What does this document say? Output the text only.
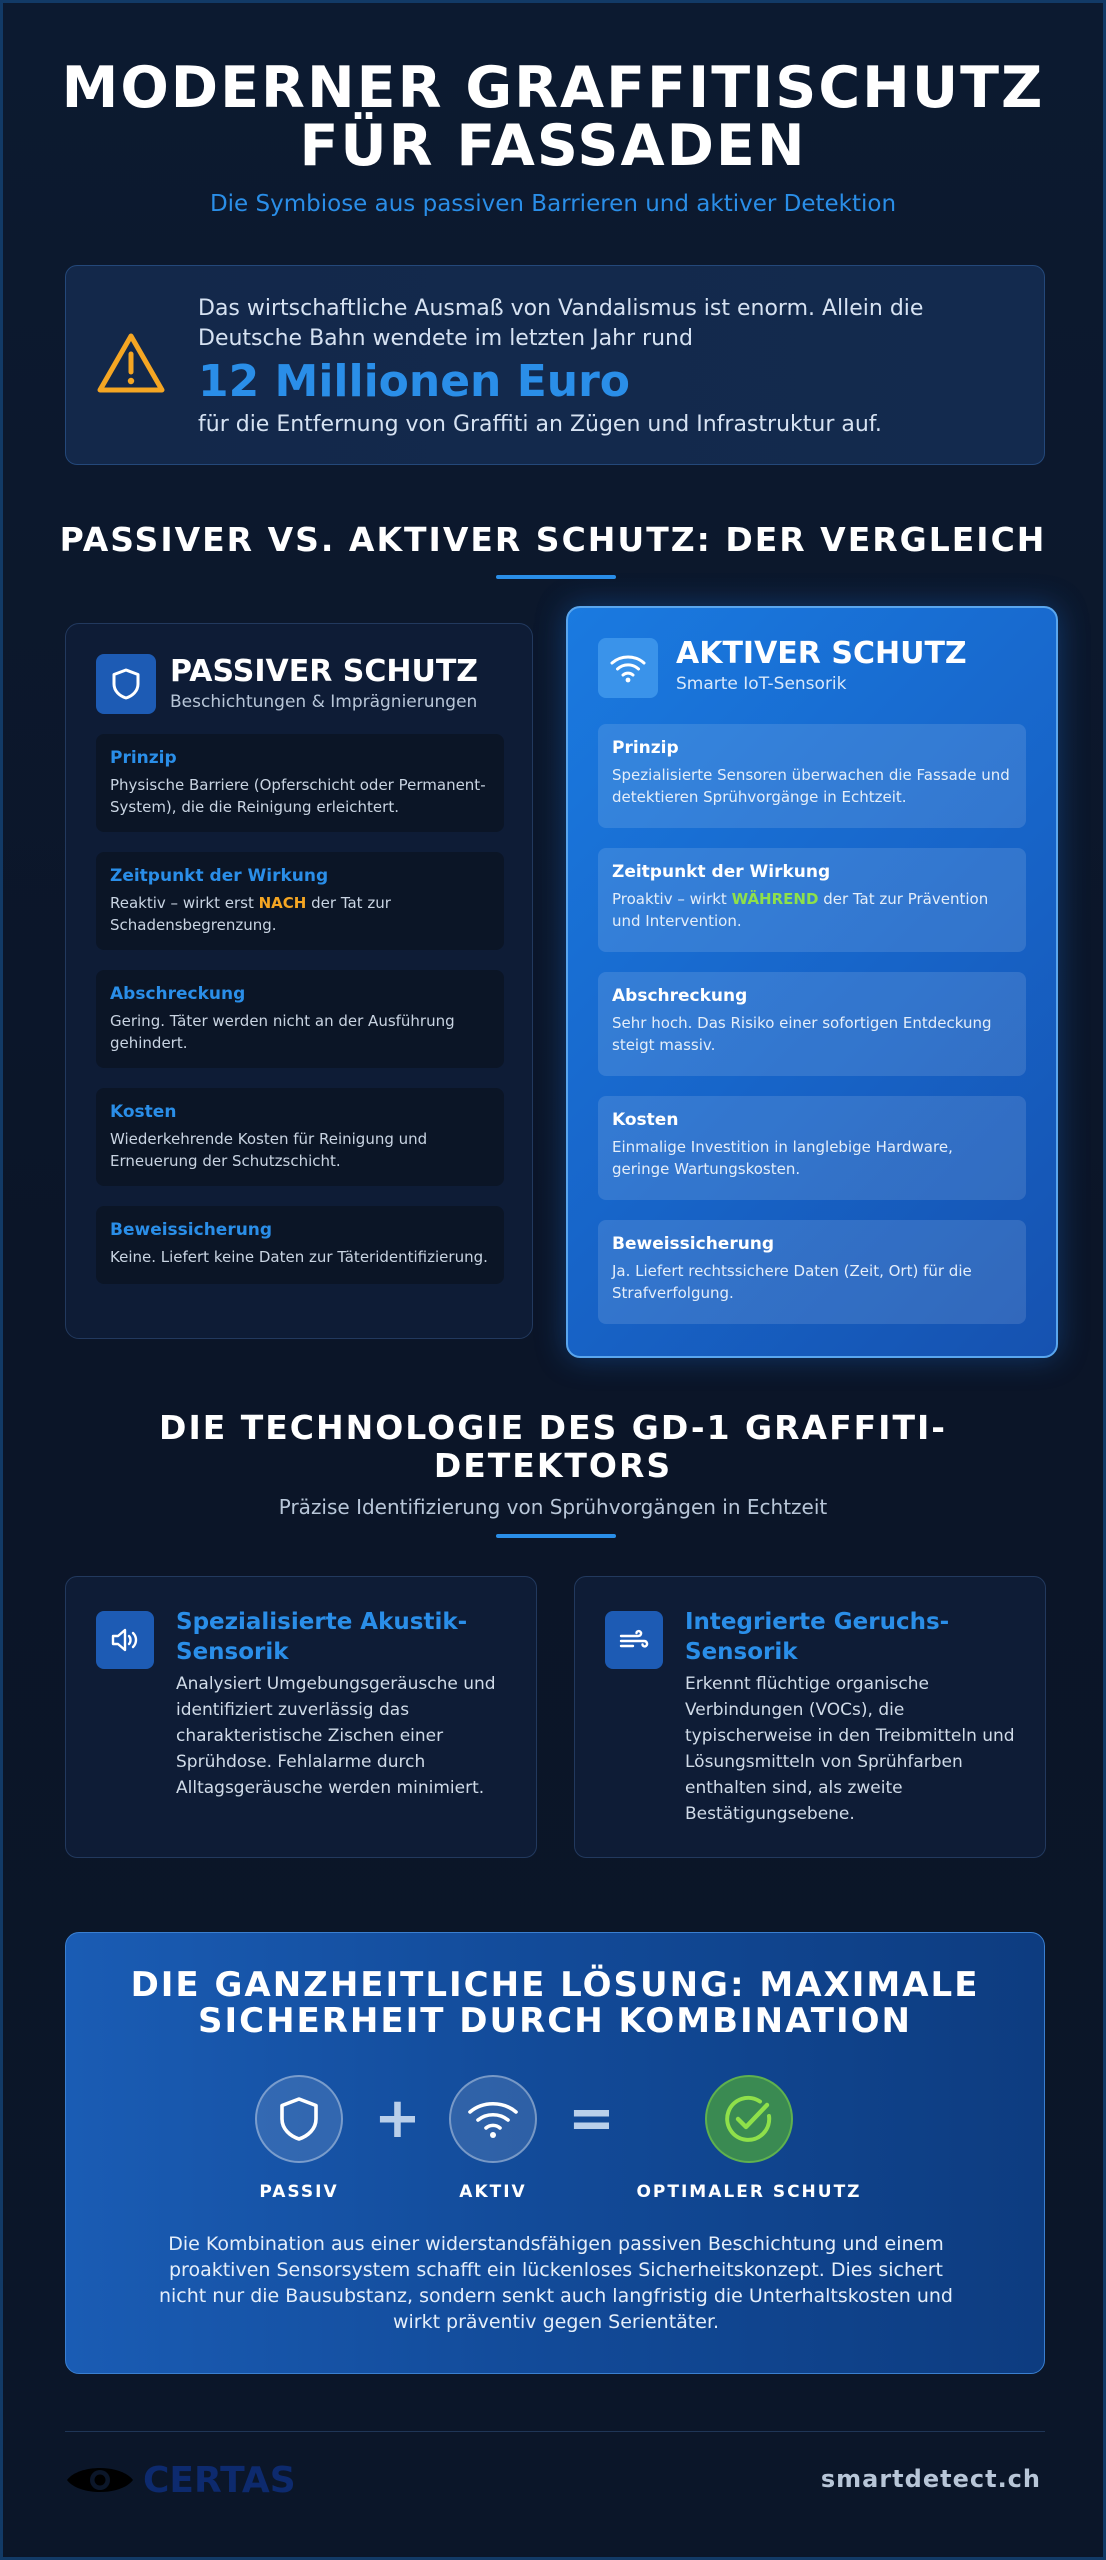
MODERNER GRAFFITISCHUTZ
FÜR FASSADEN
Die Symbiose aus passiven Barrieren und aktiver Detektion
Das wirtschaftliche Ausmaß von Vandalismus ist enorm. Allein die Deutsche Bahn wendete im letzten Jahr rund
12 Millionen Euro
für die Entfernung von Graffiti an Zügen und Infrastruktur auf.
PASSIVER VS. AKTIVER SCHUTZ: DER VERGLEICH
PASSIVER SCHUTZ
Beschichtungen & Imprägnierungen
Prinzip
Physische Barriere (Opferschicht oder Permanent-System), die die Reinigung erleichtert.
Zeitpunkt der Wirkung
Reaktiv – wirkt erst NACH der Tat zur Schadensbegrenzung.
Abschreckung
Gering. Täter werden nicht an der Ausführung gehindert.
Kosten
Wiederkehrende Kosten für Reinigung und Erneuerung der Schutzschicht.
Beweissicherung
Keine. Liefert keine Daten zur Täteridentifizierung.
AKTIVER SCHUTZ
Smarte IoT-Sensorik
Prinzip
Spezialisierte Sensoren überwachen die Fassade und detektieren Sprühvorgänge in Echtzeit.
Zeitpunkt der Wirkung
Proaktiv – wirkt WÄHREND der Tat zur Prävention und Intervention.
Abschreckung
Sehr hoch. Das Risiko einer sofortigen Entdeckung steigt massiv.
Kosten
Einmalige Investition in langlebige Hardware, geringe Wartungskosten.
Beweissicherung
Ja. Liefert rechtssichere Daten (Zeit, Ort) für die Strafverfolgung.
DIE TECHNOLOGIE DES GD-1 GRAFFITI-
DETEKTORS
Präzise Identifizierung von Sprühvorgängen in Echtzeit
Spezialisierte Akustik-Sensorik
Analysiert Umgebungsgeräusche und identifiziert zuverlässig das charakteristische Zischen einer Sprühdose. Fehlalarme durch Alltagsgeräusche werden minimiert.
Integrierte Geruchs-Sensorik
Erkennt flüchtige organische Verbindungen (VOCs), die typischerweise in den Treibmitteln und Lösungsmitteln von Sprühfarben enthalten sind, als zweite Bestätigungsebene.
DIE GANZHEITLICHE LÖSUNG: MAXIMALE
SICHERHEIT DURCH KOMBINATION
+	=
PASSIV	AKTIV	OPTIMALER SCHUTZ
Die Kombination aus einer widerstandsfähigen passiven Beschichtung und einem proaktiven Sensorsystem schafft ein lückenloses Sicherheitskonzept. Dies sichert nicht nur die Bausubstanz, sondern senkt auch langfristig die Unterhaltskosten und wirkt präventiv gegen Serientäter.
CERTAS	smartdetect.ch
